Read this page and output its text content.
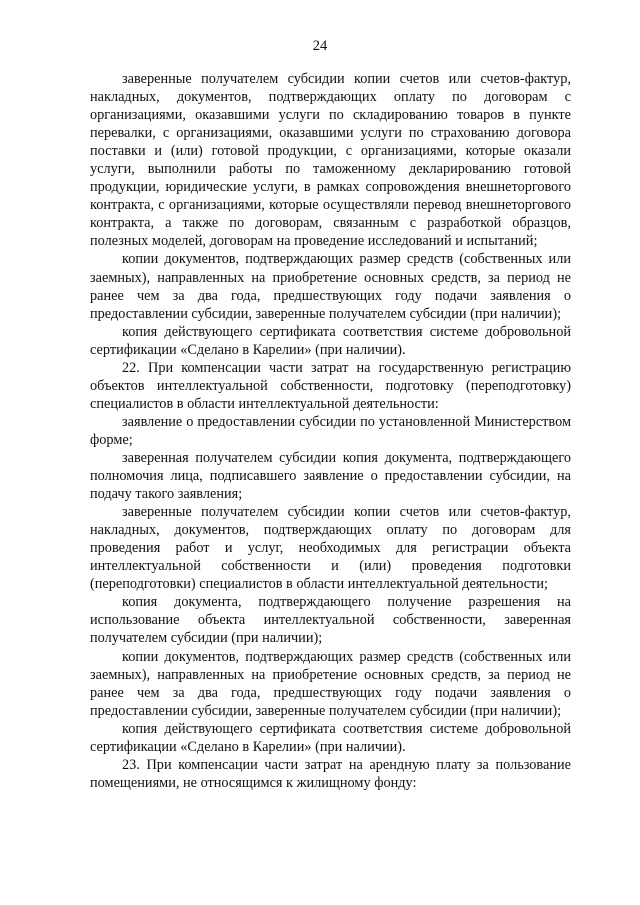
24

заверенные получателем субсидии копии счетов или счетов-фактур, накладных, документов, подтверждающих оплату по договорам с организациями, оказавшими услуги по складированию товаров в пункте перевалки, с организациями, оказавшими услуги по страхованию договора поставки и (или) готовой продукции, с организациями, которые оказали услуги, выполнили работы по таможенному декларированию готовой продукции, юридические услуги, в рамках сопровождения внешнеторгового контракта, с организациями, которые осуществляли перевод внешнеторгового контракта, а также по договорам, связанным с разработкой образцов, полезных моделей, договорам на проведение исследований и испытаний;

копии документов, подтверждающих размер средств (собственных или заемных), направленных на приобретение основных средств, за период не ранее чем за два года, предшествующих году подачи заявления о предоставлении субсидии, заверенные получателем субсидии (при наличии);

копия действующего сертификата соответствия системе добровольной сертификации «Сделано в Карелии» (при наличии).

22. При компенсации части затрат на государственную регистрацию объектов интеллектуальной собственности, подготовку (переподготовку) специалистов в области интеллектуальной деятельности:

заявление о предоставлении субсидии по установленной Министерством форме;

заверенная получателем субсидии копия документа, подтверждающего полномочия лица, подписавшего заявление о предоставлении субсидии, на подачу такого заявления;

заверенные получателем субсидии копии счетов или счетов-фактур, накладных, документов, подтверждающих оплату по договорам для проведения работ и услуг, необходимых для регистрации объекта интеллектуальной собственности и (или) проведения подготовки (переподготовки) специалистов в области интеллектуальной деятельности;

копия документа, подтверждающего получение разрешения на использование объекта интеллектуальной собственности, заверенная получателем субсидии (при наличии);

копии документов, подтверждающих размер средств (собственных или заемных), направленных на приобретение основных средств, за период не ранее чем за два года, предшествующих году подачи заявления о предоставлении субсидии, заверенные получателем субсидии (при наличии);

копия действующего сертификата соответствия системе добровольной сертификации «Сделано в Карелии» (при наличии).

23. При компенсации части затрат на арендную плату за пользование помещениями, не относящимся к жилищному фонду:
